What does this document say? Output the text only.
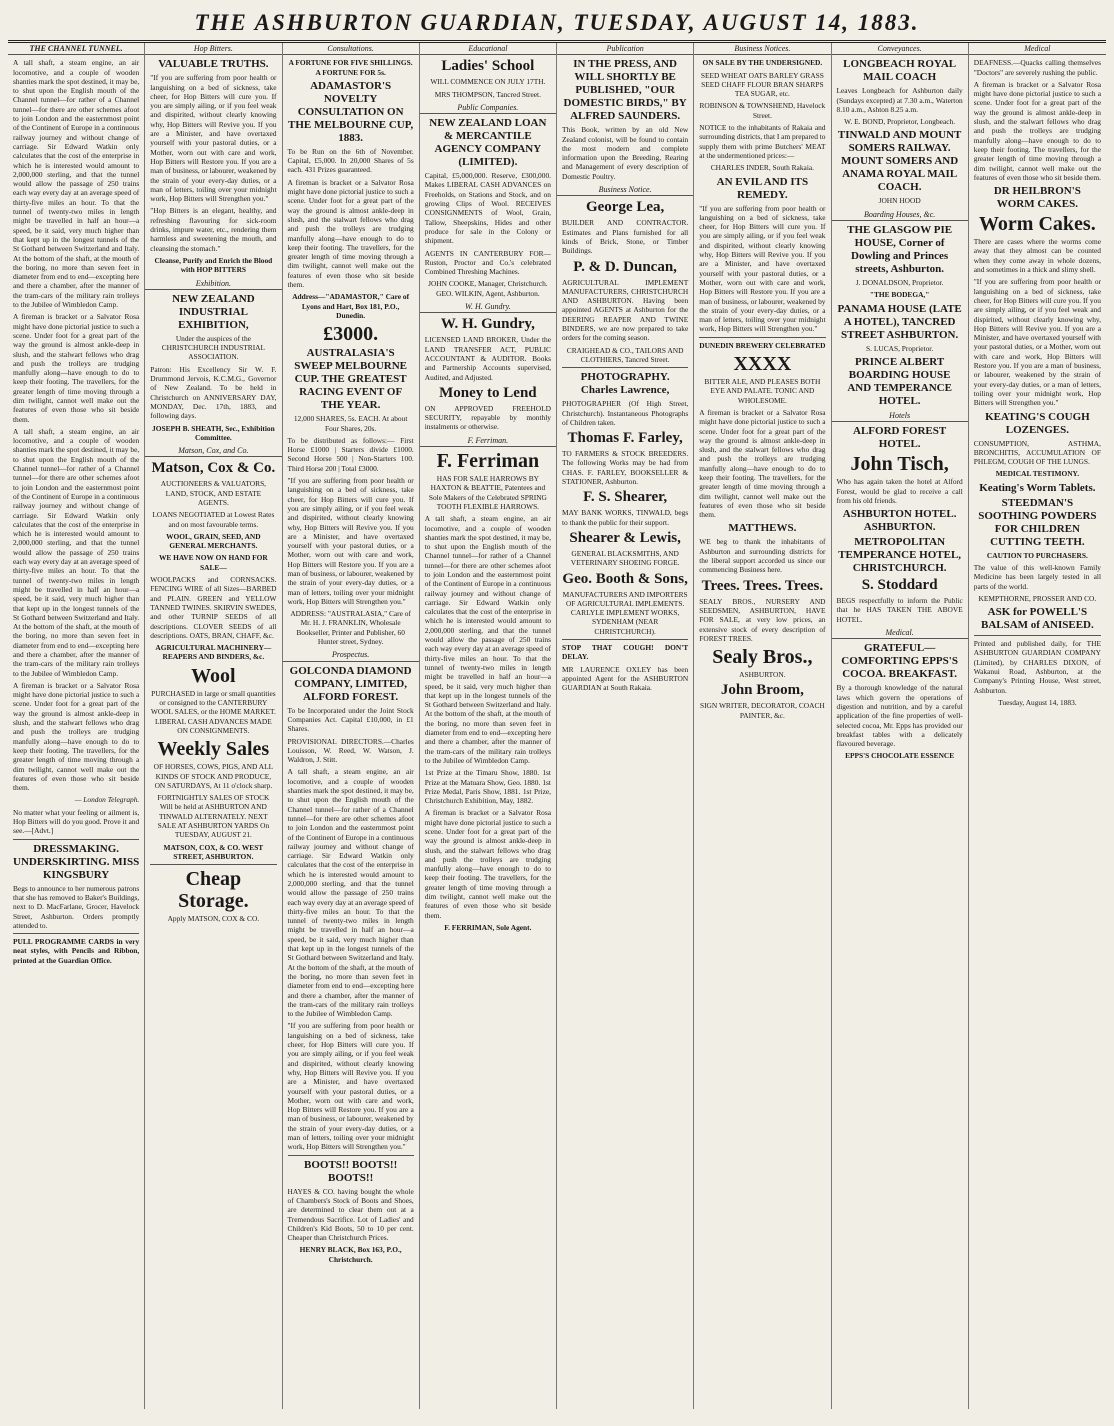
THE ASHBURTON GUARDIAN, TUESDAY, AUGUST 14, 1883.
THE CHANNEL TUNNEL.

A tall shaft, a steam engine, an air locomotive, and a couple of wooden shanties mark the spot destined, it may be, to shut upon the English mouth of the Channel tunnel—for rather of a Channel tunnel—for there are other schemes afoot to join London and the easternmost point of the Continent of Europe in a continuous railway journey and without change of carriage. Sir Edward Watkin only calculates that the cost of the enterprise in which he is interested would amount to 2,000,000 sterling, and that the tunnel would allow the passage of 250 trains each way every day at an average speed of thirty-five miles an hour. To that the tunnel of twenty-two miles in length might be travelled in half an hour—a speed, be it said, very much higher than that kept up in the longest tunnels of the St Gothard between Switzerland and Italy. At the bottom of the shaft, at the mouth of the boring, no more than seven feet in diameter from end to end—excepting here and there a chamber, after the manner of the tram-cars of the military rain trolleys to the Jubilee of Wimbledon Camp.

A fireman is bracket or a Salvator Rosa might have done pictorial justice to such a scene. Under foot for a great part of the way the ground is almost ankle-deep in slush, and the stalwart fellows who drag and push the trolleys are trudging manfully along—have enough to do to keep their footing. The travellers, for the greater length of time moving through a dim twilight, cannot well make out the features of even those who sit beside them.

A tall shaft, a steam engine, an air locomotive, and a couple of wooden shanties mark the spot destined, it may be, to shut upon the English mouth of the Channel tunnel—for rather of a Channel tunnel—for there are other schemes afoot to join London and the easternmost point of the Continent of Europe in a continuous railway journey and without change of carriage. Sir Edward Watkin only calculates that the cost of the enterprise in which he is interested would amount to 2,000,000 sterling, and that the tunnel would allow the passage of 250 trains each way every day at an average speed of thirty-five miles an hour. To that the tunnel of twenty-two miles in length might be travelled in half an hour—a speed, be it said, very much higher than that kept up in the longest tunnels of the St Gothard between Switzerland and Italy. At the bottom of the shaft, at the mouth of the boring, no more than seven feet in diameter from end to end—excepting here and there a chamber, after the manner of the tram-cars of the military rain trolleys to the Jubilee of Wimbledon Camp.

A fireman is bracket or a Salvator Rosa might have done pictorial justice to such a scene. Under foot for a great part of the way the ground is almost ankle-deep in slush, and the stalwart fellows who drag and push the trolleys are trudging manfully along—have enough to do to keep their footing. The travellers, for the greater length of time moving through a dim twilight, cannot well make out the features of even those who sit beside them.

— London Telegraph.

No matter what your feeling or ailment is, Hop Bitters will do you good. Prove it and see.—[Advt.]

DRESSMAKING. UNDERSKIRTING. MISS KINGSBURY

Begs to announce to her numerous patrons that she has removed to Baker's Buildings, next to D. MacFarlane, Grocer, Havelock Street, Ashburton. Orders promptly attended to.

PULL PROGRAMME CARDS in very neat styles, with Pencils and Ribbon, printed at the Guardian Office.

Hop Bitters.
VALUABLE TRUTHS.

"If you are suffering from poor health or languishing on a bed of sickness, take cheer, for Hop Bitters will cure you. If you are simply ailing, or if you feel weak and dispirited, without clearly knowing why, Hop Bitters will Revive you. If you are a Minister, and have overtaxed yourself with your pastoral duties, or a Mother, worn out with care and work, Hop Bitters will Restore you. If you are a man of business, or labourer, weakened by the strain of your every-day duties, or a man of letters, toiling over your midnight work, Hop Bitters will Strengthen you."

"Hop Bitters is an elegant, healthy, and refreshing flavouring for sick-room drinks, impure water, etc., rendering them harmless and sweetening the mouth, and cleansing the stomach."

Cleanse, Purify and Enrich the Blood with HOP BITTERS

Exhibition.
NEW ZEALAND INDUSTRIAL EXHIBITION,

Under the auspices of the CHRISTCHURCH INDUSTRIAL ASSOCIATION.

Patron: His Excellency Sir W. F. Drummond Jervois, K.C.M.G., Governor of New Zealand. To be held in Christchurch on ANNIVERSARY DAY, MONDAY, Dec. 17th, 1883, and following days.

JOSEPH B. SHEATH, Sec., Exhibition Committee.

Matson, Cox, and Co.
Matson, Cox & Co.

AUCTIONEERS & VALUATORS, LAND, STOCK, AND ESTATE AGENTS.

LOANS NEGOTIATED at Lowest Rates and on most favourable terms.

WOOL, GRAIN, SEED, AND GENERAL MERCHANTS.

WE HAVE NOW ON HAND FOR SALE—

WOOLPACKS and CORNSACKS. FENCING WIRE of all Sizes—BARBED and PLAIN. GREEN and YELLOW TANNED TWINES. SKIRVIN SWEDES, and other TURNIP SEEDS of all descriptions. CLOVER SEEDS of all descriptions. OATS, BRAN, CHAFF, &c.

AGRICULTURAL MACHINERY—REAPERS AND BINDERS, &c.

Wool

PURCHASED in large or small quantities or consigned to the CANTERBURY WOOL SALES, or the HOME MARKET. LIBERAL CASH ADVANCES MADE ON CONSIGNMENTS.

Weekly Sales

OF HORSES, COWS, PIGS, AND ALL KINDS OF STOCK AND PRODUCE, ON SATURDAYS, At 11 o'clock sharp.

FORTNIGHTLY SALES OF STOCK Will be held at ASHBURTON AND TINWALD ALTERNATELY. NEXT SALE AT ASHBURTON YARDS On TUESDAY, AUGUST 21.

MATSON, COX, & CO. WEST STREET, ASHBURTON.

Cheap Storage.

Apply MATSON, COX & CO.

Consultations.

A FORTUNE FOR FIVE SHILLINGS. A FORTUNE FOR 5s.

ADAMASTOR'S NOVELTY CONSULTATION ON THE MELBOURNE CUP, 1883.

To be Run on the 6th of November. Capital, £5,000. In 20,000 Shares of 5s each. 431 Prizes guaranteed.

A fireman is bracket or a Salvator Rosa might have done pictorial justice to such a scene. Under foot for a great part of the way the ground is almost ankle-deep in slush, and the stalwart fellows who drag and push the trolleys are trudging manfully along—have enough to do to keep their footing. The travellers, for the greater length of time moving through a dim twilight, cannot well make out the features of even those who sit beside them.

Address—"ADAMASTOR," Care of Lyons and Hart, Box 181, P.O., Dunedin.

£3000.
AUSTRALASIA'S SWEEP MELBOURNE CUP. THE GREATEST RACING EVENT OF THE YEAR.

12,000 SHARES, 5s. EACH. At about Four Shares, 20s.

To be distributed as follows:— First Horse £1000 | Starters divide £1000. Second Horse 500 | Non-Starters 100. Third Horse 200 | Total £3000.

"If you are suffering from poor health or languishing on a bed of sickness, take cheer, for Hop Bitters will cure you. If you are simply ailing, or if you feel weak and dispirited, without clearly knowing why, Hop Bitters will Revive you. If you are a Minister, and have overtaxed yourself with your pastoral duties, or a Mother, worn out with care and work, Hop Bitters will Restore you. If you are a man of business, or labourer, weakened by the strain of your every-day duties, or a man of letters, toiling over your midnight work, Hop Bitters will Strengthen you."

ADDRESS: "AUSTRALASIA," Care of Mr. H. J. FRANKLIN, Wholesale Bookseller, Printer and Publisher, 60 Hunter street, Sydney.

Prospectus.
GOLCONDA DIAMOND COMPANY, LIMITED, ALFORD FOREST.

To be Incorporated under the Joint Stock Companies Act. Capital £10,000, in £1 Shares.

PROVISIONAL DIRECTORS.—Charles Louisson, W. Reed, W. Watson, J. Waldron, J. Stitt.

A tall shaft, a steam engine, an air locomotive, and a couple of wooden shanties mark the spot destined, it may be, to shut upon the English mouth of the Channel tunnel—for rather of a Channel tunnel—for there are other schemes afoot to join London and the easternmost point of the Continent of Europe in a continuous railway journey and without change of carriage. Sir Edward Watkin only calculates that the cost of the enterprise in which he is interested would amount to 2,000,000 sterling, and that the tunnel would allow the passage of 250 trains each way every day at an average speed of thirty-five miles an hour. To that the tunnel of twenty-two miles in length might be travelled in half an hour—a speed, be it said, very much higher than that kept up in the longest tunnels of the St Gothard between Switzerland and Italy. At the bottom of the shaft, at the mouth of the boring, no more than seven feet in diameter from end to end—excepting here and there a chamber, after the manner of the tram-cars of the military rain trolleys to the Jubilee of Wimbledon Camp.

"If you are suffering from poor health or languishing on a bed of sickness, take cheer, for Hop Bitters will cure you. If you are simply ailing, or if you feel weak and dispirited, without clearly knowing why, Hop Bitters will Revive you. If you are a Minister, and have overtaxed yourself with your pastoral duties, or a Mother, worn out with care and work, Hop Bitters will Restore you. If you are a man of business, or labourer, weakened by the strain of your every-day duties, or a man of letters, toiling over your midnight work, Hop Bitters will Strengthen you."

BOOTS!! BOOTS!! BOOTS!!

HAYES & CO. having bought the whole of Chambers's Stock of Boots and Shoes, are determined to clear them out at a Tremendous Sacrifice. Lot of Ladies' and Children's Kid Boots, 50 to 10 per cent. Cheaper than Christchurch Prices.

HENRY BLACK, Box 163, P.O., Christchurch.

Educational
Ladies' School

WILL COMMENCE ON JULY 17TH.

MRS THOMPSON, Tancred Street.

Public Companies.
NEW ZEALAND LOAN & MERCANTILE AGENCY COMPANY (LIMITED).

Capital, £5,000,000. Reserve, £300,000. Makes LIBERAL CASH ADVANCES on Freeholds, on Stations and Stock, and on growing Clips of Wool. RECEIVES CONSIGNMENTS of Wool, Grain, Tallow, Sheepskins, Hides and other produce for sale in the Colony or shipment.

AGENTS IN CANTERBURY FOR—Ruston, Proctor and Co.'s celebrated Combined Threshing Machines.

JOHN COOKE, Manager, Christchurch. GEO. WILKIN, Agent, Ashburton.

W. H. Gundry.
W. H. Gundry,

LICENSED LAND BROKER, Under the LAND TRANSFER ACT, PUBLIC ACCOUNTANT & AUDITOR. Books and Partnership Accounts supervised, Audited, and Adjusted.

Money to Lend

ON APPROVED FREEHOLD SECURITY, repayable by monthly instalments or otherwise.

F. Ferriman.
F. Ferriman

HAS FOR SALE HARROWS BY HAXTON & BEATTIE, Patentees and Sole Makers of the Celebrated SPRING TOOTH FLEXIBLE HARROWS.

A tall shaft, a steam engine, an air locomotive, and a couple of wooden shanties mark the spot destined, it may be, to shut upon the English mouth of the Channel tunnel—for rather of a Channel tunnel—for there are other schemes afoot to join London and the easternmost point of the Continent of Europe in a continuous railway journey and without change of carriage. Sir Edward Watkin only calculates that the cost of the enterprise in which he is interested would amount to 2,000,000 sterling, and that the tunnel would allow the passage of 250 trains each way every day at an average speed of thirty-five miles an hour. To that the tunnel of twenty-two miles in length might be travelled in half an hour—a speed, be it said, very much higher than that kept up in the longest tunnels of the St Gothard between Switzerland and Italy. At the bottom of the shaft, at the mouth of the boring, no more than seven feet in diameter from end to end—excepting here and there a chamber, after the manner of the tram-cars of the military rain trolleys to the Jubilee of Wimbledon Camp.

1st Prize at the Timaru Show, 1880. 1st Prize at the Matuara Show, Geo. 1880. 1st Prize Medal, Paris Show, 1881. 1st Prize, Christchurch Exhibition, May, 1882.

A fireman is bracket or a Salvator Rosa might have done pictorial justice to such a scene. Under foot for a great part of the way the ground is almost ankle-deep in slush, and the stalwart fellows who drag and push the trolleys are trudging manfully along—have enough to do to keep their footing. The travellers, for the greater length of time moving through a dim twilight, cannot well make out the features of even those who sit beside them.

F. FERRIMAN, Sole Agent.

Publication
IN THE PRESS, AND WILL SHORTLY BE PUBLISHED, "OUR DOMESTIC BIRDS," BY ALFRED SAUNDERS.

This Book, written by an old New Zealand colonist, will be found to contain the most modern and complete information upon the Breeding, Rearing and Management of every description of Domestic Poultry.

Business Notice.
George Lea,

BUILDER AND CONTRACTOR. Estimates and Plans furnished for all kinds of Brick, Stone, or Timber Buildings.

P. & D. Duncan,

AGRICULTURAL IMPLEMENT MANUFACTURERS, CHRISTCHURCH AND ASHBURTON. Having been appointed AGENTS at Ashburton for the DEERING REAPER AND TWINE BINDERS, we are now prepared to take orders for the coming season.

CRAIGHEAD & CO., TAILORS AND CLOTHIERS, Tancred Street.

PHOTOGRAPHY. Charles Lawrence,

PHOTOGRAPHER (Of High Street, Christchurch). Instantaneous Photographs of Children taken.

Thomas F. Farley,

TO FARMERS & STOCK BREEDERS. The following Works may be had from CHAS. F. FARLEY, BOOKSELLER & STATIONER, Ashburton.

F. S. Shearer,

MAY BANK WORKS, TINWALD, begs to thank the public for their support.

Shearer & Lewis,

GENERAL BLACKSMITHS, AND VETERINARY SHOEING FORGE.

Geo. Booth & Sons,

MANUFACTURERS AND IMPORTERS OF AGRICULTURAL IMPLEMENTS. CARLYLE IMPLEMENT WORKS, SYDENHAM (NEAR CHRISTCHURCH).

STOP THAT COUGH! DON'T DELAY.

MR LAURENCE OXLEY has been appointed Agent for the ASHBURTON GUARDIAN at South Rakaia.

Business Notices.

ON SALE BY THE UNDERSIGNED.

SEED WHEAT OATS BARLEY GRASS SEED CHAFF FLOUR BRAN SHARPS TEA SUGAR, etc.

ROBINSON & TOWNSHEND, Havelock Street.

NOTICE to the inhabitants of Rakaia and surrounding districts, that I am prepared to supply them with prime Butchers' MEAT at the undermentioned prices:—

CHARLES INDER, South Rakaia.

AN EVIL AND ITS REMEDY.

"If you are suffering from poor health or languishing on a bed of sickness, take cheer, for Hop Bitters will cure you. If you are simply ailing, or if you feel weak and dispirited, without clearly knowing why, Hop Bitters will Revive you. If you are a Minister, and have overtaxed yourself with your pastoral duties, or a Mother, worn out with care and work, Hop Bitters will Restore you. If you are a man of business, or labourer, weakened by the strain of your every-day duties, or a man of letters, toiling over your midnight work, Hop Bitters will Strengthen you."

DUNEDIN BREWERY CELEBRATED

XXXX

BITTER ALE, AND PLEASES BOTH EYE AND PALATE. TONIC AND WHOLESOME.

A fireman is bracket or a Salvator Rosa might have done pictorial justice to such a scene. Under foot for a great part of the way the ground is almost ankle-deep in slush, and the stalwart fellows who drag and push the trolleys are trudging manfully along—have enough to do to keep their footing. The travellers, for the greater length of time moving through a dim twilight, cannot well make out the features of even those who sit beside them.

MATTHEWS.

WE beg to thank the inhabitants of Ashburton and surrounding districts for the liberal support accorded us since our commencing Business here.

Trees. Trees. Trees.

SEALY BROS., NURSERY AND SEEDSMEN, ASHBURTON, HAVE FOR SALE, at very low prices, an extensive stock of every description of FOREST TREES.

Sealy Bros.,

ASHBURTON.

John Broom,

SIGN WRITER, DECORATOR, COACH PAINTER, &c.

Conveyances.
LONGBEACH ROYAL MAIL COACH

Leaves Longbeach for Ashburton daily (Sundays excepted) at 7.30 a.m., Waterton 8.10 a.m., Ashton 8.25 a.m.

W. E. BOND, Proprietor, Longbeach.

TINWALD AND MOUNT SOMERS RAILWAY. MOUNT SOMERS AND ANAMA ROYAL MAIL COACH.

JOHN HOOD

Boarding Houses, &c.
THE GLASGOW PIE HOUSE, Corner of Dowling and Princes streets, Ashburton.

J. DONALDSON, Proprietor.

"THE BODEGA,"

PANAMA HOUSE (LATE A HOTEL), TANCRED STREET ASHBURTON.

S. LUCAS, Proprietor.

PRINCE ALBERT BOARDING HOUSE AND TEMPERANCE HOTEL.
Hotels
ALFORD FOREST HOTEL.
John Tisch,

Who has again taken the hotel at Alford Forest, would be glad to receive a call from his old friends.

ASHBURTON HOTEL. ASHBURTON.
METROPOLITAN TEMPERANCE HOTEL, CHRISTCHURCH.
S. Stoddard

BEGS respectfully to inform the Public that he HAS TAKEN THE ABOVE HOTEL.

Medical.
GRATEFUL—COMFORTING EPPS'S COCOA. BREAKFAST.

By a thorough knowledge of the natural laws which govern the operations of digestion and nutrition, and by a careful application of the fine properties of well-selected cocoa, Mr. Epps has provided our breakfast tables with a delicately flavoured beverage.

EPPS'S CHOCOLATE ESSENCE

Medical

DEAFNESS.—Quacks calling themselves "Doctors" are severely rushing the public.

A fireman is bracket or a Salvator Rosa might have done pictorial justice to such a scene. Under foot for a great part of the way the ground is almost ankle-deep in slush, and the stalwart fellows who drag and push the trolleys are trudging manfully along—have enough to do to keep their footing. The travellers, for the greater length of time moving through a dim twilight, cannot well make out the features of even those who sit beside them.

DR HEILBRON'S WORM CAKES.
Worm Cakes.

There are cases where the worms come away that they almost can be counted when they come away in whole dozens, and sometimes in a thick and slimy shell.

"If you are suffering from poor health or languishing on a bed of sickness, take cheer, for Hop Bitters will cure you. If you are simply ailing, or if you feel weak and dispirited, without clearly knowing why, Hop Bitters will Revive you. If you are a Minister, and have overtaxed yourself with your pastoral duties, or a Mother, worn out with care and work, Hop Bitters will Restore you. If you are a man of business, or labourer, weakened by the strain of your every-day duties, or a man of letters, toiling over your midnight work, Hop Bitters will Strengthen you."

KEATING'S COUGH LOZENGES.

CONSUMPTION, ASTHMA, BRONCHITIS, ACCUMULATION OF PHLEGM, COUGH OF THE LUNGS.

MEDICAL TESTIMONY.

Keating's Worm Tablets.
STEEDMAN'S SOOTHING POWDERS FOR CHILDREN CUTTING TEETH.

CAUTION TO PURCHASERS.

The value of this well-known Family Medicine has been largely tested in all parts of the world.

KEMPTHORNE, PROSSER AND CO.

ASK for POWELL'S BALSAM of ANISEED.

Printed and published daily, for THE ASHBURTON GUARDIAN COMPANY (Limited), by CHARLES DIXON, of Wakanui Road, Ashburton, at the Company's Printing House, West street, Ashburton.

Tuesday, August 14, 1883.
